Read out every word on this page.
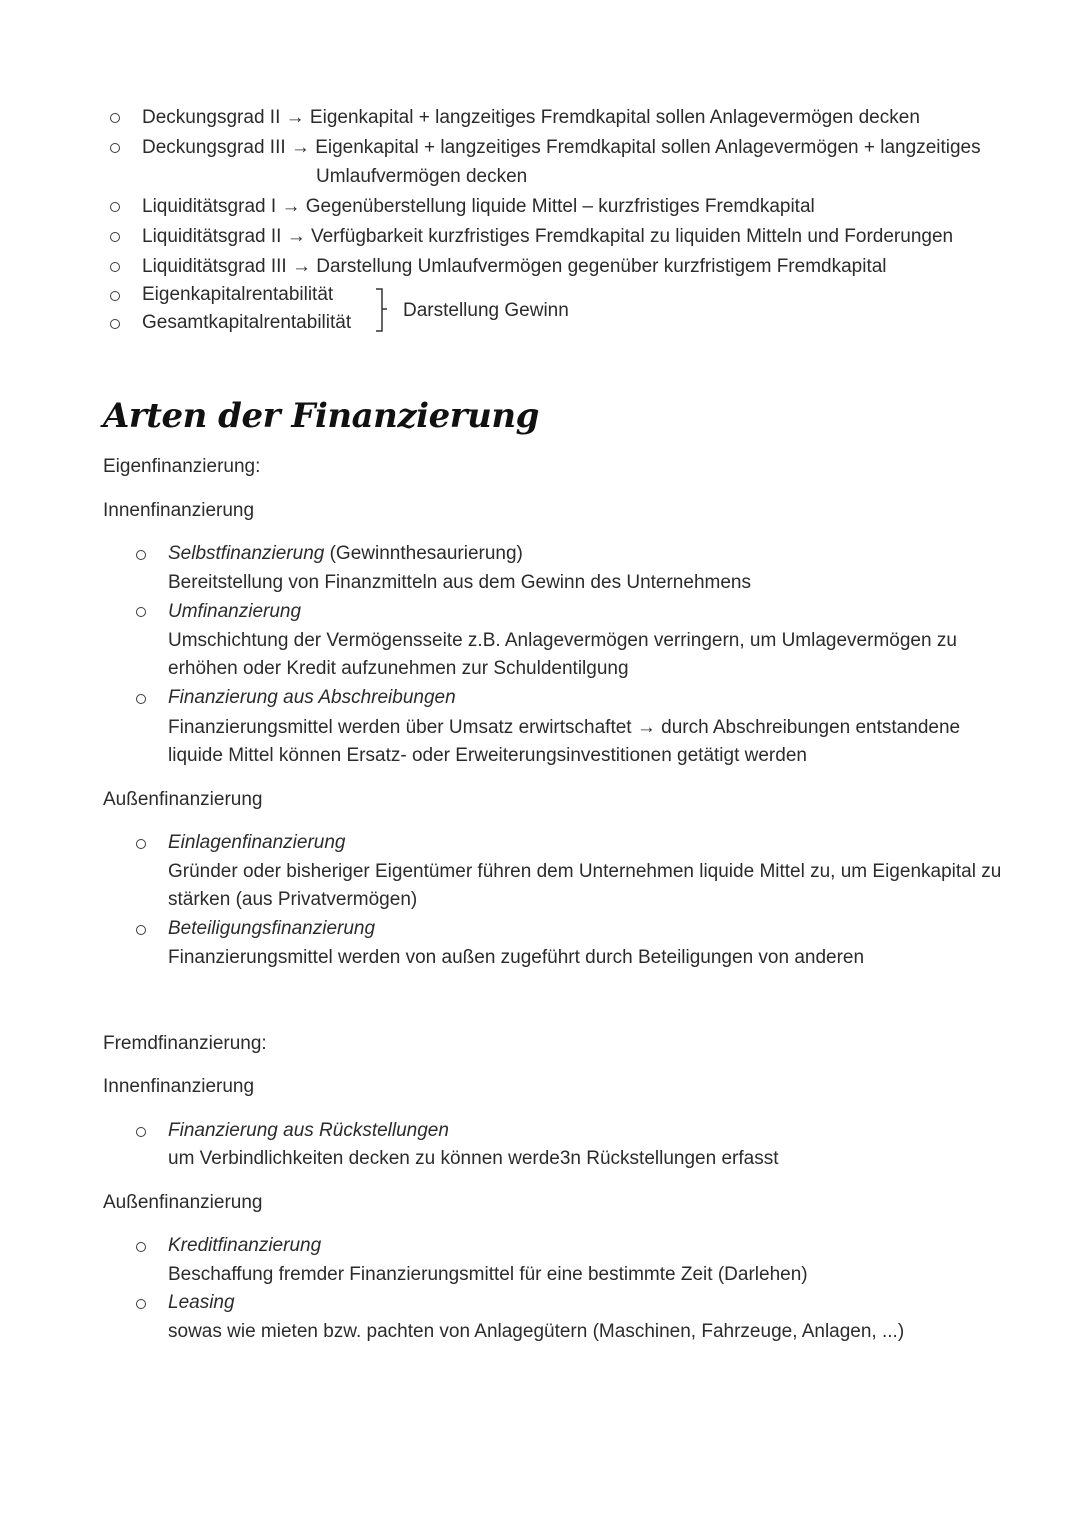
Deckungsgrad II → Eigenkapital + langzeitiges Fremdkapital sollen Anlagevermögen decken
Deckungsgrad III → Eigenkapital + langzeitiges Fremdkapital sollen Anlagevermögen + langzeitiges
Umlaufvermögen decken
Liquiditätsgrad I → Gegenüberstellung liquide Mittel – kurzfristiges Fremdkapital
Liquiditätsgrad II → Verfügbarkeit kurzfristiges Fremdkapital zu liquiden Mitteln und Forderungen
Liquiditätsgrad III → Darstellung Umlaufvermögen gegenüber kurzfristigem Fremdkapital
Eigenkapitalrentabilität
Gesamtkapitalrentabilität
Darstellung Gewinn
Arten der Finanzierung
Eigenfinanzierung:
Innenfinanzierung
Selbstfinanzierung (Gewinnthesaurierung)
Bereitstellung von Finanzmitteln aus dem Gewinn des Unternehmens
Umfinanzierung
Umschichtung der Vermögensseite z.B. Anlagevermögen verringern, um Umlagevermögen zu
erhöhen oder Kredit aufzunehmen zur Schuldentilgung
Finanzierung aus Abschreibungen
Finanzierungsmittel werden über Umsatz erwirtschaftet → durch Abschreibungen entstandene
liquide Mittel können Ersatz- oder Erweiterungsinvestitionen getätigt werden
Außenfinanzierung
Einlagenfinanzierung
Gründer oder bisheriger Eigentümer führen dem Unternehmen liquide Mittel zu, um Eigenkapital zu
stärken (aus Privatvermögen)
Beteiligungsfinanzierung
Finanzierungsmittel werden von außen zugeführt durch Beteiligungen von anderen
Fremdfinanzierung:
Innenfinanzierung
Finanzierung aus Rückstellungen
um Verbindlichkeiten decken zu können werde3n Rückstellungen erfasst
Außenfinanzierung
Kreditfinanzierung
Beschaffung fremder Finanzierungsmittel für eine bestimmte Zeit (Darlehen)
Leasing
sowas wie mieten bzw. pachten von Anlagegütern (Maschinen, Fahrzeuge, Anlagen, ...)
